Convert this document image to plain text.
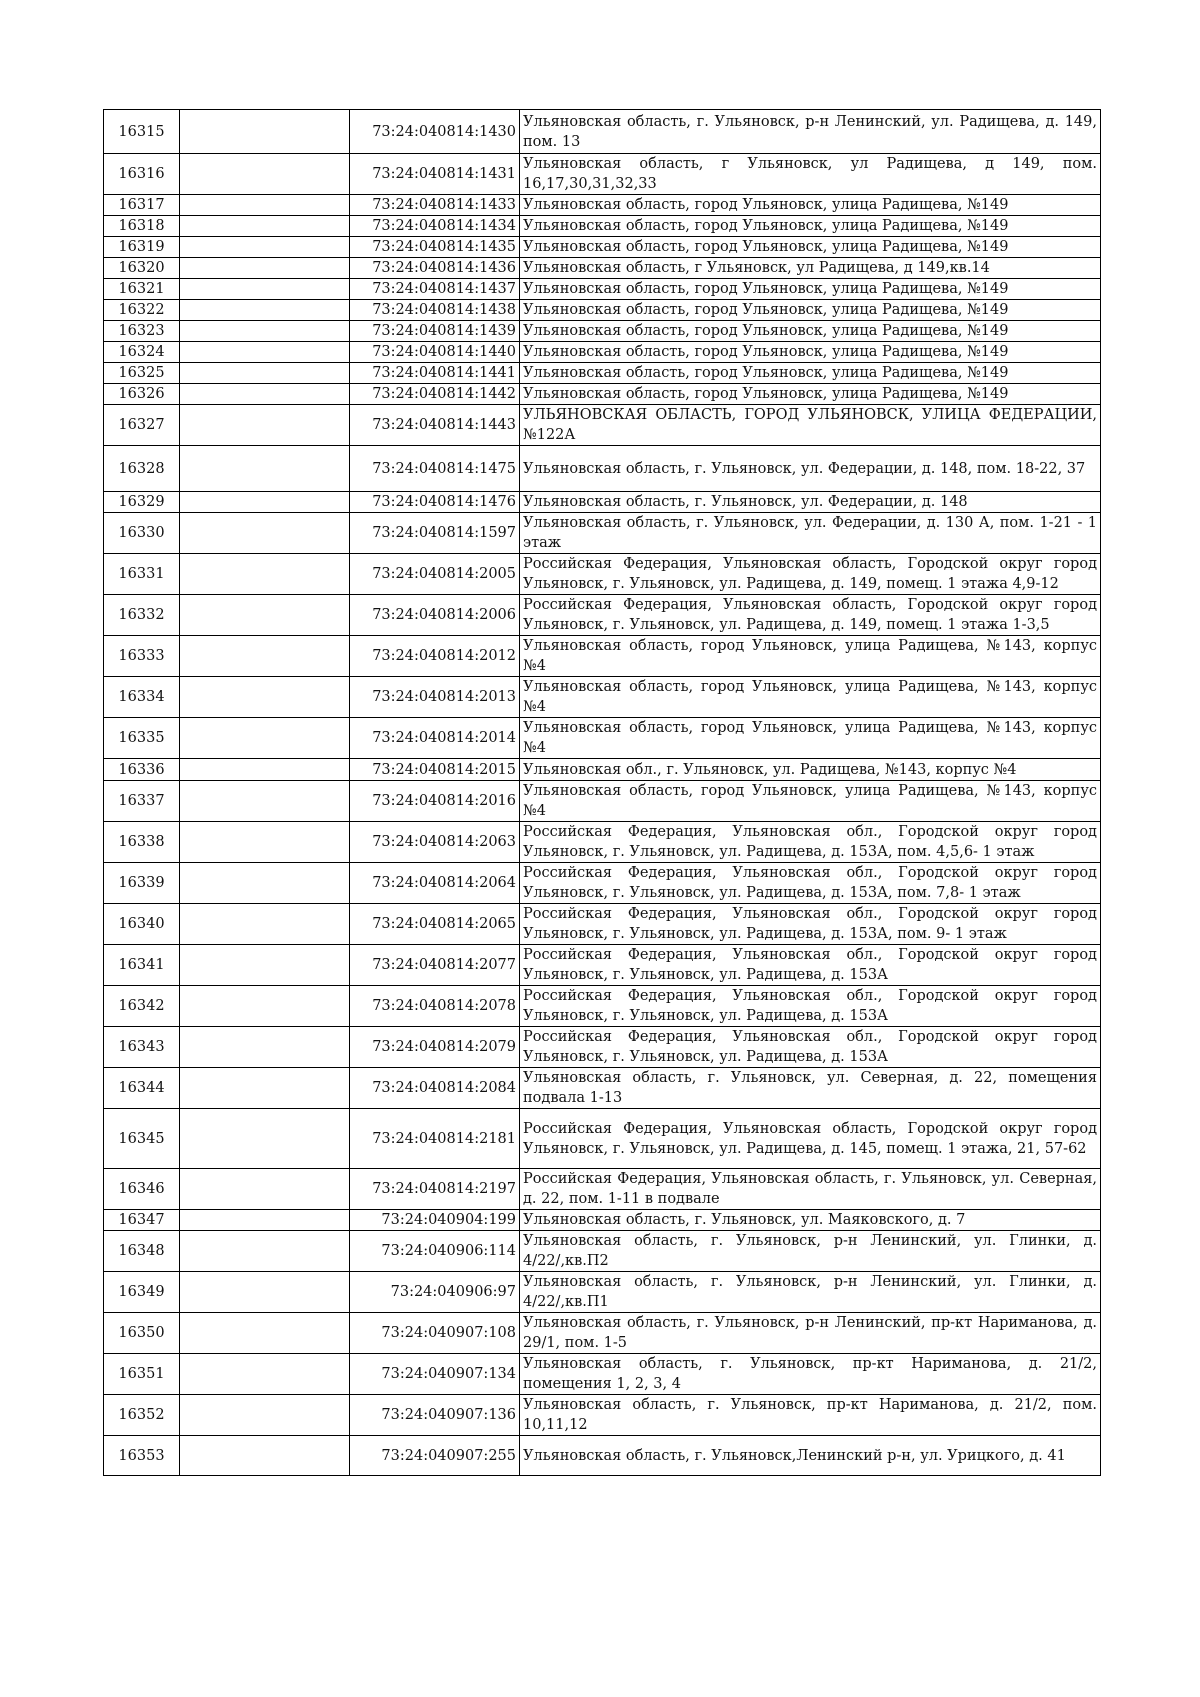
16315		73:24:040814:1430	Ульяновская область, г. Ульяновск, р-н Ленинский, ул. Радищева, д. 149, пом. 13
16316		73:24:040814:1431	Ульяновская область, г Ульяновск, ул Радищева, д 149, пом. 16,17,30,31,32,33
16317		73:24:040814:1433	Ульяновская область, город Ульяновск, улица Радищева, №149
16318		73:24:040814:1434	Ульяновская область, город Ульяновск, улица Радищева, №149
16319		73:24:040814:1435	Ульяновская область, город Ульяновск, улица Радищева, №149
16320		73:24:040814:1436	Ульяновская область, г Ульяновск, ул Радищева, д 149,кв.14
16321		73:24:040814:1437	Ульяновская область, город Ульяновск, улица Радищева, №149
16322		73:24:040814:1438	Ульяновская область, город Ульяновск, улица Радищева, №149
16323		73:24:040814:1439	Ульяновская область, город Ульяновск, улица Радищева, №149
16324		73:24:040814:1440	Ульяновская область, город Ульяновск, улица Радищева, №149
16325		73:24:040814:1441	Ульяновская область, город Ульяновск, улица Радищева, №149
16326		73:24:040814:1442	Ульяновская область, город Ульяновск, улица Радищева, №149
16327		73:24:040814:1443	УЛЬЯНОВСКАЯ ОБЛАСТЬ, ГОРОД УЛЬЯНОВСК, УЛИЦА ФЕДЕРАЦИИ, №122А
16328		73:24:040814:1475	Ульяновская область, г. Ульяновск, ул. Федерации, д. 148, пом. 18-22, 37
16329		73:24:040814:1476	Ульяновская область, г. Ульяновск, ул. Федерации, д. 148
16330		73:24:040814:1597	Ульяновская область, г. Ульяновск, ул. Федерации, д. 130 А, пом. 1-21 - 1 этаж
16331		73:24:040814:2005	Российская Федерация, Ульяновская область, Городской округ город Ульяновск, г. Ульяновск, ул. Радищева, д. 149, помещ. 1 этажа 4,9-12
16332		73:24:040814:2006	Российская Федерация, Ульяновская область, Городской округ город Ульяновск, г. Ульяновск, ул. Радищева, д. 149, помещ. 1 этажа 1-3,5
16333		73:24:040814:2012	Ульяновская область, город Ульяновск, улица Радищева, №143, корпус №4
16334		73:24:040814:2013	Ульяновская область, город Ульяновск, улица Радищева, №143, корпус №4
16335		73:24:040814:2014	Ульяновская область, город Ульяновск, улица Радищева, №143, корпус №4
16336		73:24:040814:2015	Ульяновская обл., г. Ульяновск, ул. Радищева, №143, корпус №4
16337		73:24:040814:2016	Ульяновская область, город Ульяновск, улица Радищева, №143, корпус №4
16338		73:24:040814:2063	Российская Федерация, Ульяновская обл., Городской округ город Ульяновск, г. Ульяновск, ул. Радищева, д. 153А, пом. 4,5,6- 1 этаж
16339		73:24:040814:2064	Российская Федерация, Ульяновская обл., Городской округ город Ульяновск, г. Ульяновск, ул. Радищева, д. 153А, пом. 7,8- 1 этаж
16340		73:24:040814:2065	Российская Федерация, Ульяновская обл., Городской округ город Ульяновск, г. Ульяновск, ул. Радищева, д. 153А, пом. 9- 1 этаж
16341		73:24:040814:2077	Российская Федерация, Ульяновская обл., Городской округ город Ульяновск, г. Ульяновск, ул. Радищева, д. 153А
16342		73:24:040814:2078	Российская Федерация, Ульяновская обл., Городской округ город Ульяновск, г. Ульяновск, ул. Радищева, д. 153А
16343		73:24:040814:2079	Российская Федерация, Ульяновская обл., Городской округ город Ульяновск, г. Ульяновск, ул. Радищева, д. 153А
16344		73:24:040814:2084	Ульяновская область, г. Ульяновск, ул. Северная, д. 22, помещения подвала 1-13
16345		73:24:040814:2181	Российская Федерация, Ульяновская область, Городской округ город Ульяновск, г. Ульяновск, ул. Радищева, д. 145, помещ. 1 этажа, 21, 57-62
16346		73:24:040814:2197	Российская Федерация, Ульяновская область, г. Ульяновск, ул. Северная, д. 22, пом. 1-11 в подвале
16347		73:24:040904:199	Ульяновская область, г. Ульяновск, ул. Маяковского, д. 7
16348		73:24:040906:114	Ульяновская область, г. Ульяновск, р-н Ленинский, ул. Глинки, д. 4/22/,кв.П2
16349		73:24:040906:97	Ульяновская область, г. Ульяновск, р-н Ленинский, ул. Глинки, д. 4/22/,кв.П1
16350		73:24:040907:108	Ульяновская область, г. Ульяновск, р-н Ленинский, пр-кт Нариманова, д. 29/1, пом. 1-5
16351		73:24:040907:134	Ульяновская область, г. Ульяновск, пр-кт Нариманова, д. 21/2, помещения 1, 2, 3, 4
16352		73:24:040907:136	Ульяновская область, г. Ульяновск, пр-кт Нариманова, д. 21/2, пом. 10,11,12
16353		73:24:040907:255	Ульяновская область, г. Ульяновск,Ленинский р-н, ул. Урицкого, д. 41
